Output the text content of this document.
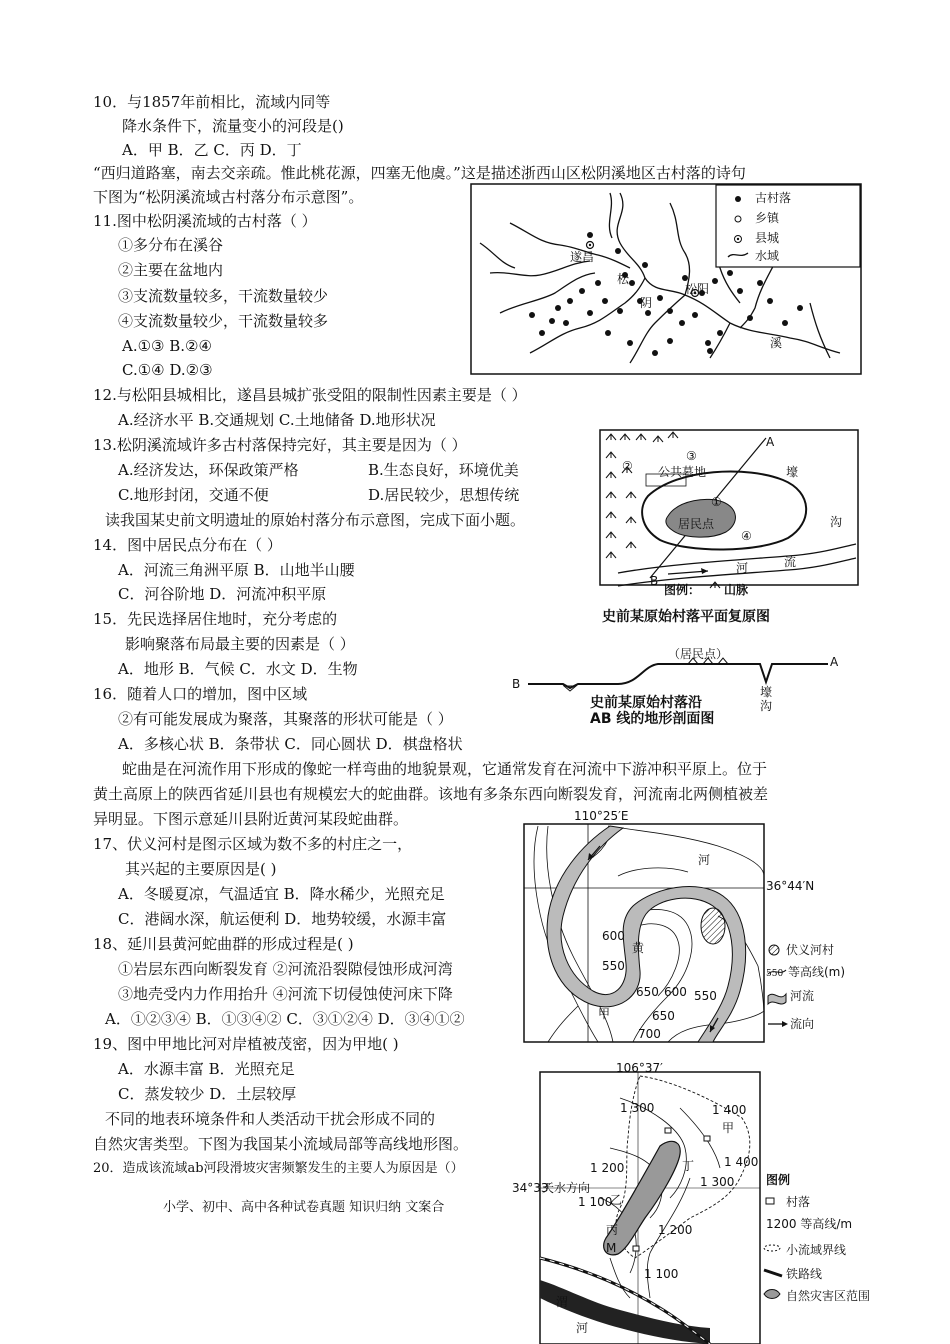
10．与1857年前相比，流域内同等
降水条件下，流量变小的河段是()
A．甲 B．乙 C．丙 D．丁
“西归道路塞，南去交亲疏。惟此桃花源，四塞无他虞。”这是描述浙西山区松阴溪地区古村落的诗句
下图为“松阴溪流域古村落分布示意图”。
11.图中松阴溪流域的古村落（ ）
①多分布在溪谷
②主要在盆地内
③支流数量较多，干流数量较少
④支流数量较少，干流数量较多
A.①③ B.②④
C.①④ D.②③
12.与松阳县城相比，遂昌县城扩张受阻的限制性因素主要是（ ）
A.经济水平 B.交通规划 C.土地储备 D.地形状况
13.松阴溪流域许多古村落保持完好，其主要是因为（ ）
A.经济发达，环保政策严格	B.生态良好，环境优美
C.地形封闭，交通不便	D.居民较少，思想传统
读我国某史前文明遗址的原始村落分布示意图，完成下面小题。
14．图中居民点分布在（ ）
A．河流三角洲平原 B．山地半山腰
C．河谷阶地 D．河流冲积平原
15．先民选择居住地时，充分考虑的
影响聚落布局最主要的因素是（ ）
A．地形 B．气候 C．水文 D．生物
16．随着人口的增加，图中区域
②有可能发展成为聚落，其聚落的形状可能是（ ）
A．多核心状 B．条带状 C．同心圆状 D．棋盘格状
蛇曲是在河流作用下形成的像蛇一样弯曲的地貌景观，它通常发育在河流中下游冲积平原上。位于
黄土高原上的陕西省延川县也有规模宏大的蛇曲群。该地有多条东西向断裂发育，河流南北两侧植被差
异明显。下图示意延川县附近黄河某段蛇曲群。
17、伏义河村是图示区域为数不多的村庄之一，
其兴起的主要原因是( )
A．冬暖夏凉，气温适宜 B．降水稀少，光照充足
C．港阔水深，航运便利 D．地势较缓，水源丰富
18、延川县黄河蛇曲群的形成过程是( )
①岩层东西向断裂发育 ②河流沿裂隙侵蚀形成河湾
③地壳受内力作用抬升 ④河流下切侵蚀使河床下降
A．①②③④ B．①③④② C．③①②④ D．③④①②
19、图中甲地比河对岸植被茂密，因为甲地( )
A．水源丰富 B．光照充足
C．蒸发较少 D．土层较厚
不同的地表环境条件和人类活动干扰会形成不同的
自然灾害类型。下图为我国某小流域局部等高线地形图。
20．造成该流域ab河段滑坡灾害频繁发生的主要人为原因是（）
小学、初中、高中各种试卷真题 知识归纳 文案合
古村落
乡镇
县城
水域
遂昌
松
阴
松阳
溪
A
B
②
③
①
④
公共墓地
居民点
壕
沟
河	流
图例： 山脉
史前某原始村落平面复原图
（居民点）
A
B
壕
沟
史前某原始村落沿
AB 线的地形剖面图
110°25′E
36°44′N
河
黄
甲
600
550
650 600 550
650
700
伏义河村
550 等高线(m)
河流
流向
106°37′
34°33′
1 300	1 400
甲
1 400
1 200	丁
天水方向	1 300
1 100
乙
丙	1 200
M
1 100
渭
河
图例
村落
1200 等高线/m
小流域界线
铁路线
自然灾害区范围
